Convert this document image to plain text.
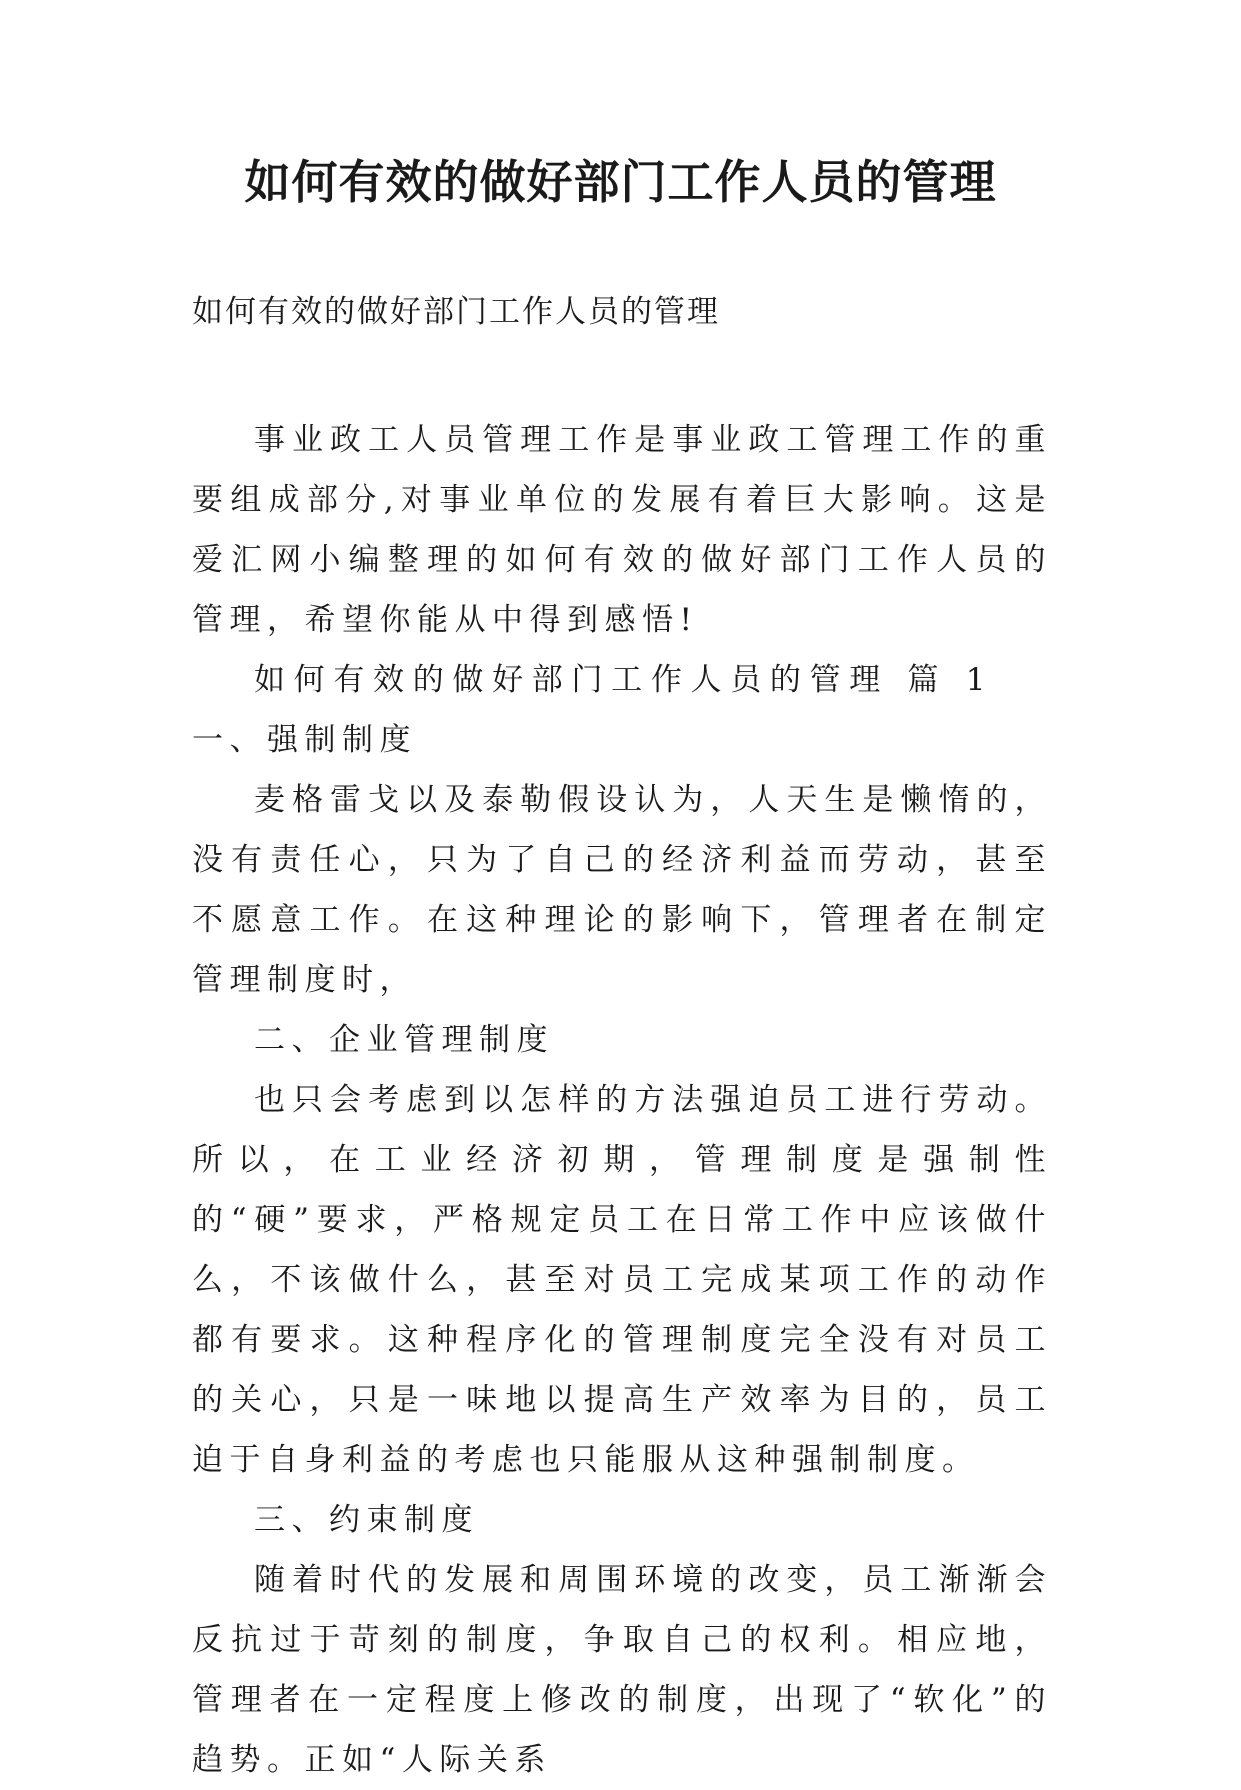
如何有效的做好部门工作人员的管理

如何有效的做好部门工作人员的管理

事业政工人员管理工作是事业政工管理工作的重要组成部分,对事业单位的发展有着巨大影响。这是爱汇网小编整理的如何有效的做好部门工作人员的管理，希望你能从中得到感悟!

如何有效的做好部门工作人员的管理 篇 1一、强制制度

麦格雷戈以及泰勒假设认为，人天生是懒惰的，没有责任心，只为了自己的经济利益而劳动，甚至不愿意工作。在这种理论的影响下，管理者在制定管理制度时，

二、企业管理制度

也只会考虑到以怎样的方法强迫员工进行劳动。所以，在工业经济初期，管理制度是强制性的“硬”要求，严格规定员工在日常工作中应该做什么，不该做什么，甚至对员工完成某项工作的动作都有要求。这种程序化的管理制度完全没有对员工的关心，只是一味地以提高生产效率为目的，员工迫于自身利益的考虑也只能服从这种强制制度。

三、约束制度

随着时代的发展和周围环境的改变，员工渐渐会反抗过于苛刻的制度，争取自己的权利。相应地，管理者在一定程度上修改的制度，出现了“软化”的趋势。正如“人际关系
